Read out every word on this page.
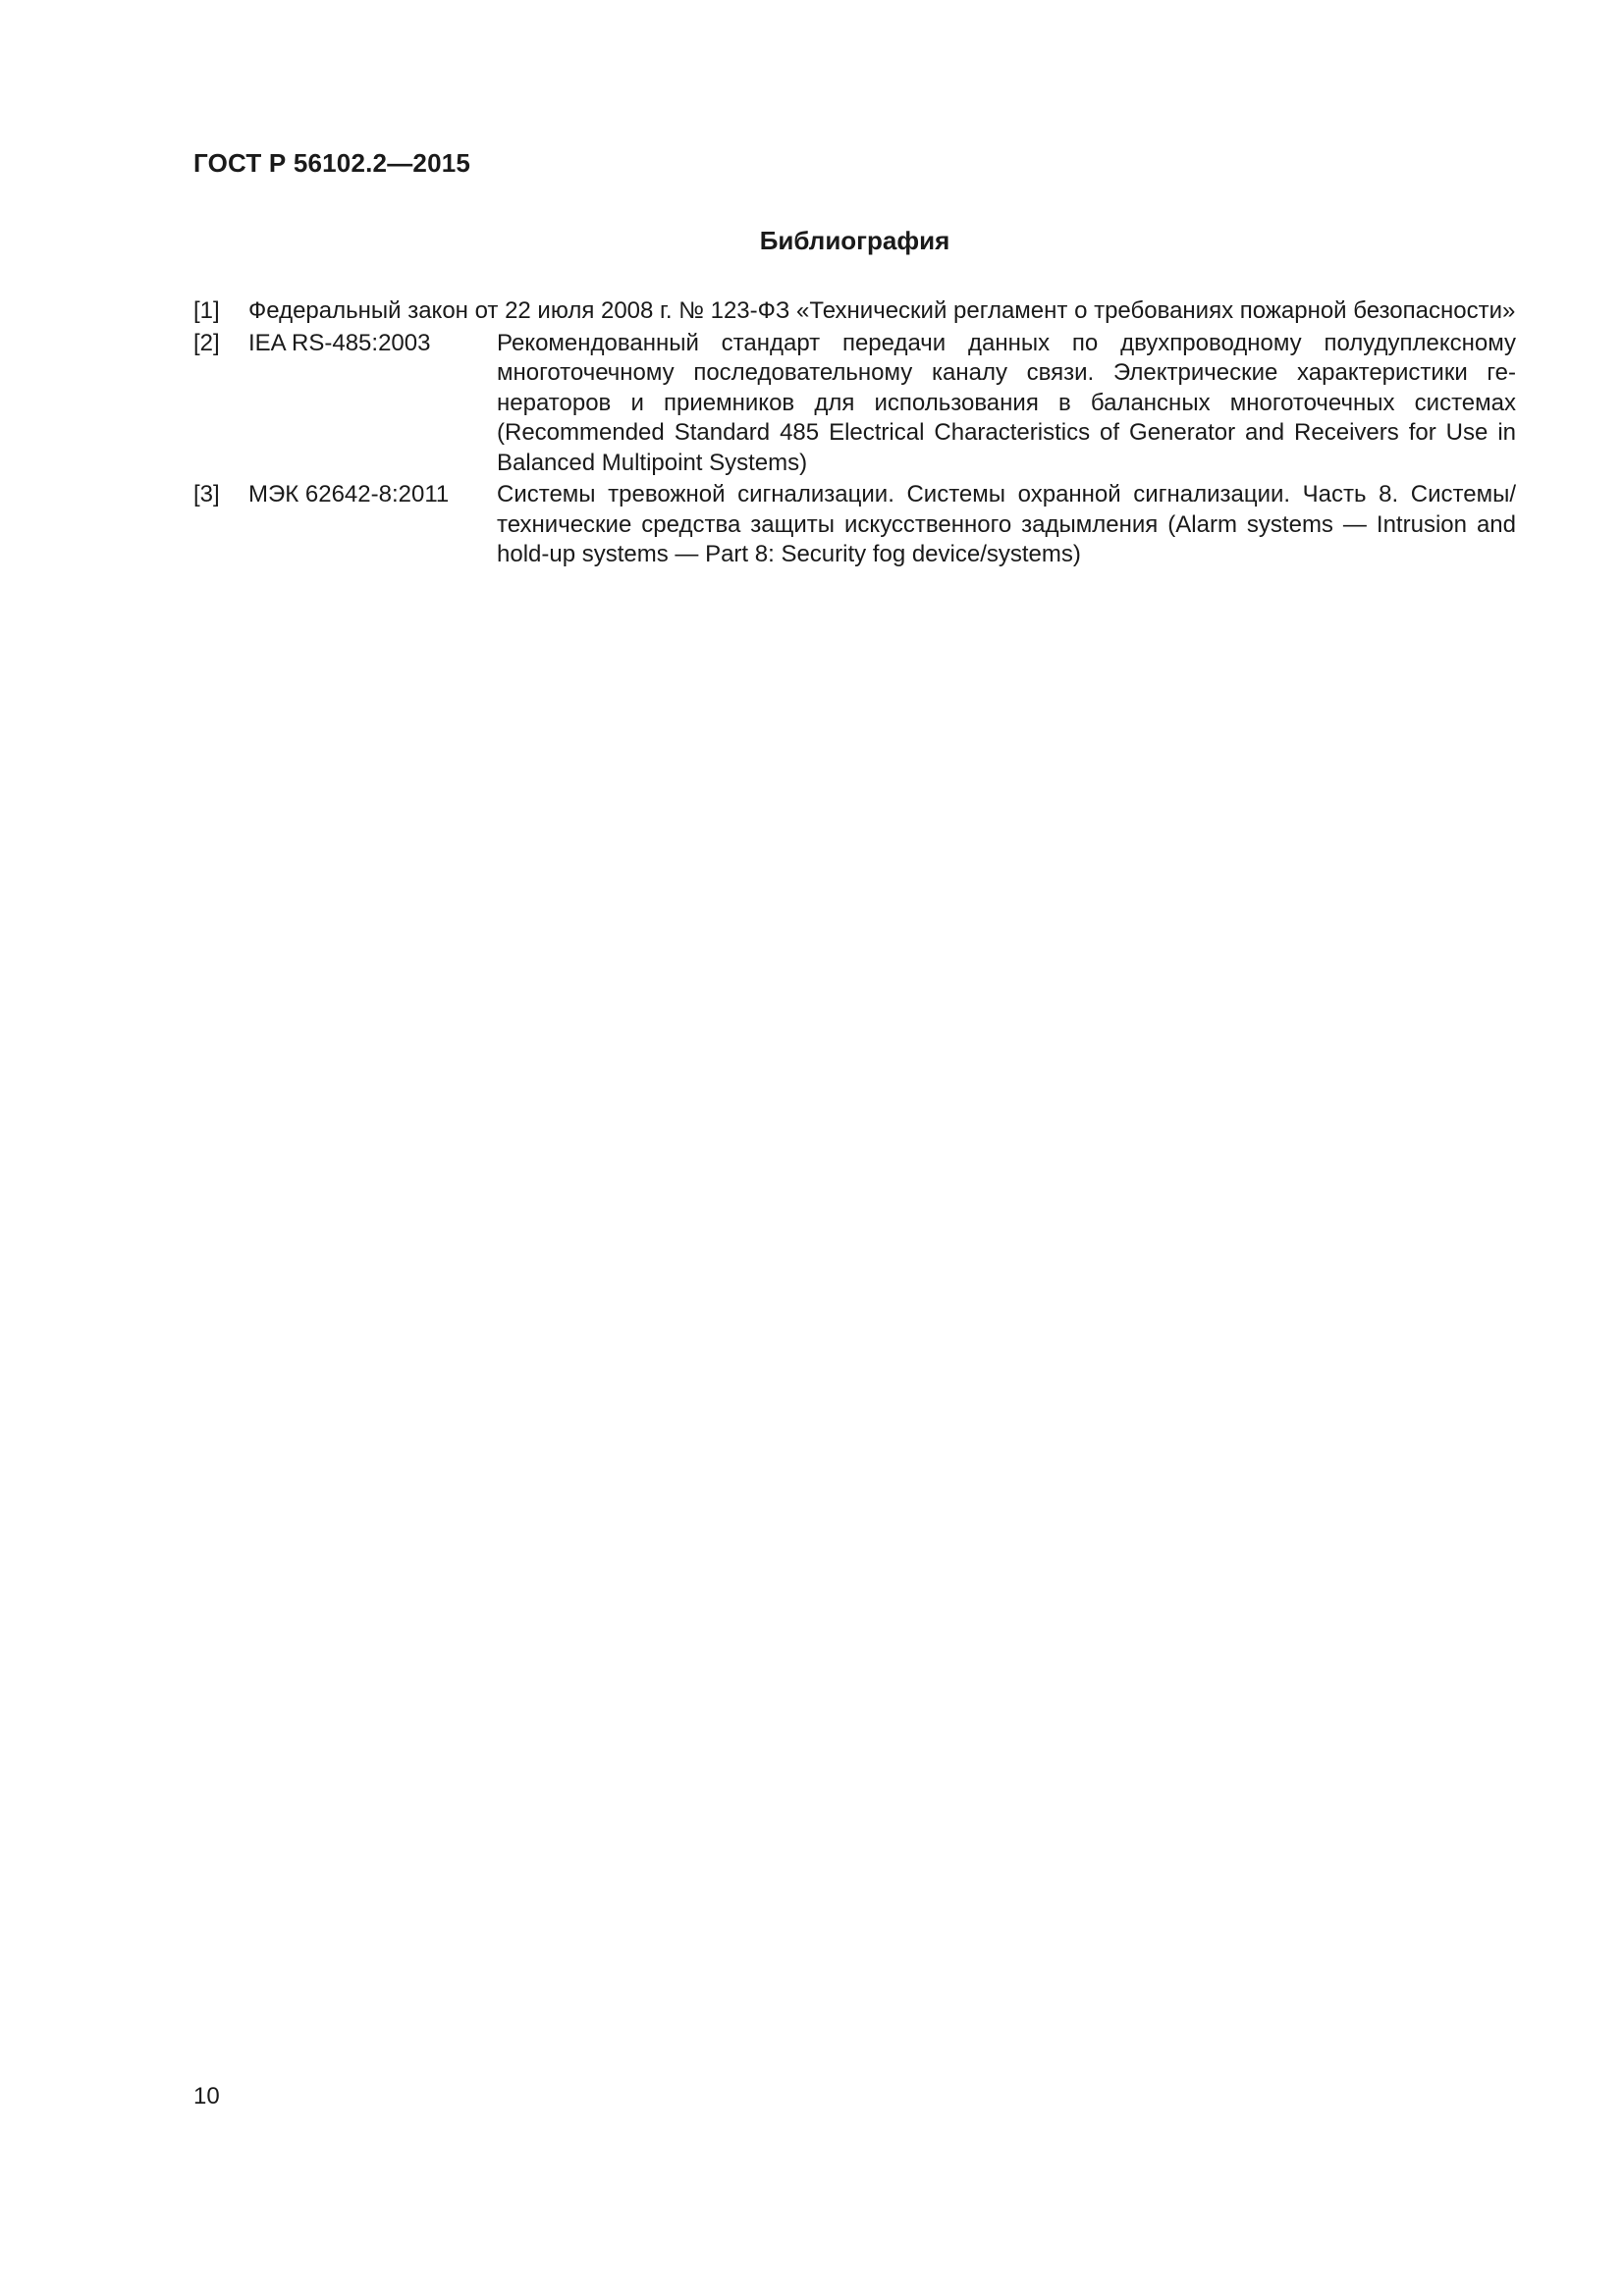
ГОСТ Р 56102.2—2015
Библиография
[1]	Федеральный закон от 22 июля 2008 г. № 123-ФЗ «Технический регламент о требованиях пожарной безопасности»
[2]	IEA RS-485:2003	Рекомендованный стандарт передачи данных по двухпроводному полудуплексному многоточечному последовательному каналу связи. Электрические характеристики генераторов и приемников для использования в балансных многоточечных системах (Recommended Standard 485 Electrical Characteristics of Generator and Receivers for Use in Balanced Multipoint Systems)
[3]	МЭК 62642-8:2011	Системы тревожной сигнализации. Системы охранной сигнализации. Часть 8. Системы/ технические средства защиты искусственного задымления (Alarm systems — Intrusion and hold-up systems — Part 8: Security fog device/systems)
10
